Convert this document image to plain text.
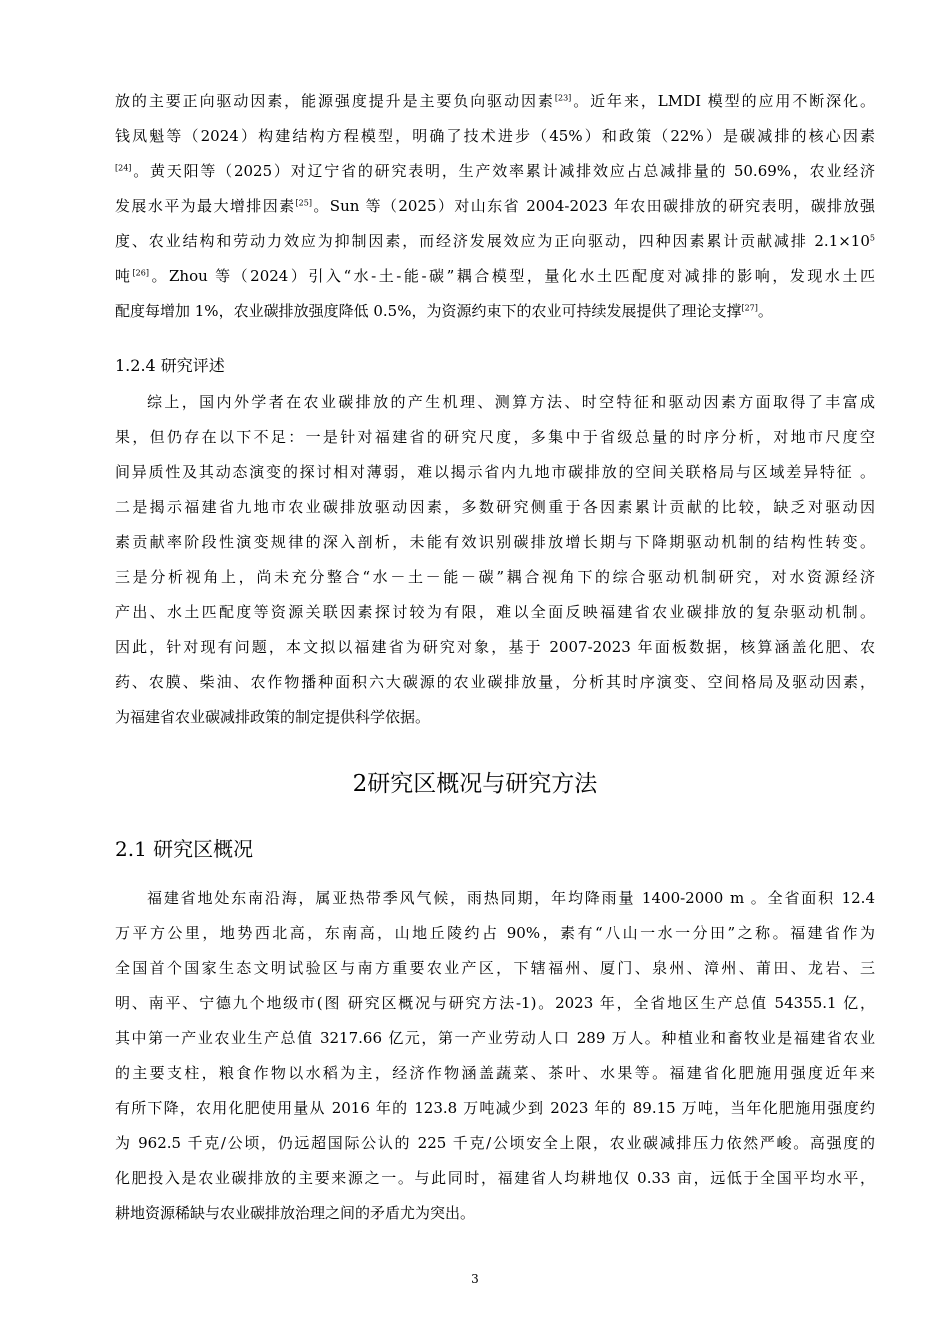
放的主要正向驱动因素，能源强度提升是主要负向驱动因素[23]。近年来，LMDI 模型的应用不断深化。
钱凤魁等（2024）构建结构方程模型，明确了技术进步（45%）和政策（22%）是碳减排的核心因素
[24]。黄天阳等（2025）对辽宁省的研究表明，生产效率累计减排效应占总减排量的 50.69%，农业经济
发展水平为最大增排因素[25]。Sun 等（2025）对山东省 2004-2023 年农田碳排放的研究表明，碳排放强
度、农业结构和劳动力效应为抑制因素，而经济发展效应为正向驱动，四种因素累计贡献减排 $2.1\times 10^5$
吨[26]。Zhou 等（2024）引入“水-土-能-碳”耦合模型，量化水土匹配度对减排的影响，发现水土匹
配度每增加 1%，农业碳排放强度降低 0.5%，为资源约束下的农业可持续发展提供了理论支撑[27]。
1.2.4 研究评述
综上，国内外学者在农业碳排放的产生机理、测算方法、时空特征和驱动因素方面取得了丰富成
果，但仍存在以下不足：一是针对福建省的研究尺度，多集中于省级总量的时序分析，对地市尺度空
间异质性及其动态演变的探讨相对薄弱，难以揭示省内九地市碳排放的空间关联格局与区域差异特征 。
二是揭示福建省九地市农业碳排放驱动因素，多数研究侧重于各因素累计贡献的比较，缺乏对驱动因
素贡献率阶段性演变规律的深入剖析，未能有效识别碳排放增长期与下降期驱动机制的结构性转变。
三是分析视角上，尚未充分整合“水－土－能－碳”耦合视角下的综合驱动机制研究，对水资源经济
产出、水土匹配度等资源关联因素探讨较为有限，难以全面反映福建省农业碳排放的复杂驱动机制。
因此，针对现有问题，本文拟以福建省为研究对象，基于 2007-2023 年面板数据，核算涵盖化肥、农
药、农膜、柴油、农作物播种面积六大碳源的农业碳排放量，分析其时序演变、空间格局及驱动因素，
为福建省农业碳减排政策的制定提供科学依据。
2研究区概况与研究方法
2.1 研究区概况
福建省地处东南沿海，属亚热带季风气候，雨热同期，年均降雨量 1400-2000 m 。全省面积 12.4
万平方公里，地势西北高，东南高，山地丘陵约占 90%，素有“八山一水一分田”之称。福建省作为
全国首个国家生态文明试验区与南方重要农业产区，下辖福州、厦门、泉州、漳州、莆田、龙岩、三
明、南平、宁德九个地级市(图 研究区概况与研究方法-1)。2023 年，全省地区生产总值 54355.1 亿，
其中第一产业农业生产总值 3217.66 亿元，第一产业劳动人口 289 万人。种植业和畜牧业是福建省农业
的主要支柱，粮食作物以水稻为主，经济作物涵盖蔬菜、茶叶、水果等。福建省化肥施用强度近年来
有所下降，农用化肥使用量从 2016 年的 123.8 万吨减少到 2023 年的 89.15 万吨，当年化肥施用强度约
为 962.5 千克/公顷，仍远超国际公认的 225 千克/公顷安全上限，农业碳减排压力依然严峻。高强度的
化肥投入是农业碳排放的主要来源之一。与此同时，福建省人均耕地仅 0.33 亩，远低于全国平均水平，
耕地资源稀缺与农业碳排放治理之间的矛盾尤为突出。
3
